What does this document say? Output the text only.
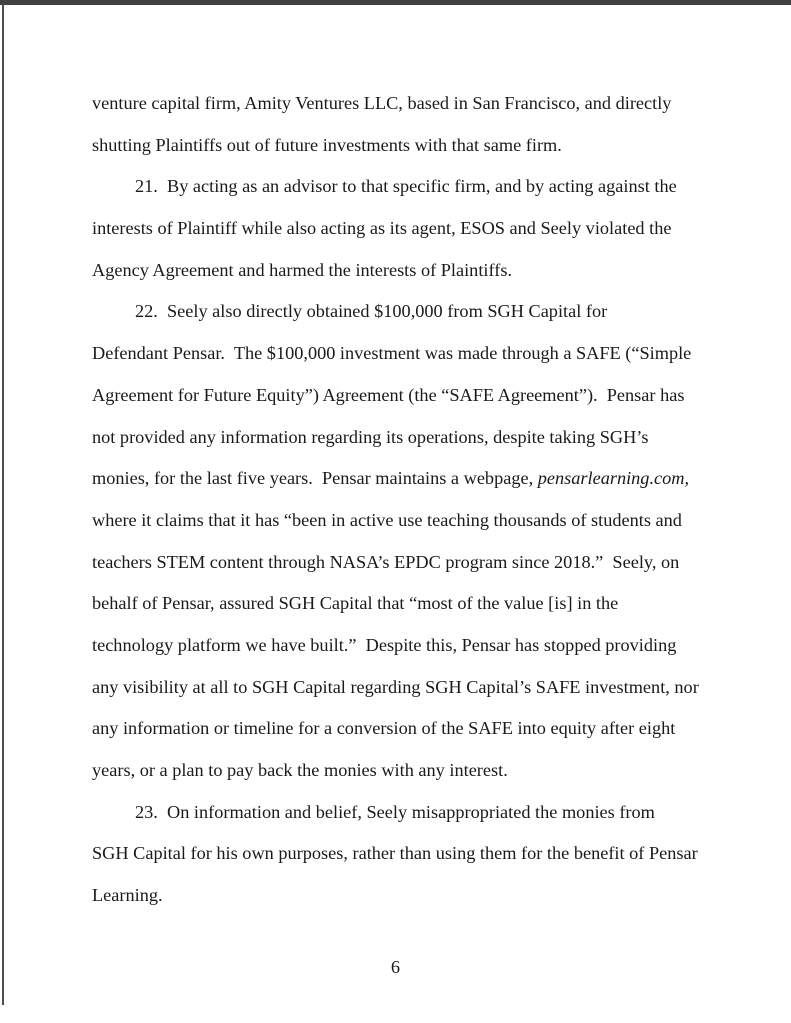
venture capital firm, Amity Ventures LLC, based in San Francisco, and directly
shutting Plaintiffs out of future investments with that same firm.
21. By acting as an advisor to that specific firm, and by acting against the
interests of Plaintiff while also acting as its agent, ESOS and Seely violated the
Agency Agreement and harmed the interests of Plaintiffs.
22. Seely also directly obtained $100,000 from SGH Capital for
Defendant Pensar.  The $100,000 investment was made through a SAFE (“Simple
Agreement for Future Equity”) Agreement (the “SAFE Agreement”).  Pensar has
not provided any information regarding its operations, despite taking SGH’s
monies, for the last five years.  Pensar maintains a webpage, pensarlearning.com,
where it claims that it has “been in active use teaching thousands of students and
teachers STEM content through NASA’s EPDC program since 2018.”  Seely, on
behalf of Pensar, assured SGH Capital that “most of the value [is] in the
technology platform we have built.”  Despite this, Pensar has stopped providing
any visibility at all to SGH Capital regarding SGH Capital’s SAFE investment, nor
any information or timeline for a conversion of the SAFE into equity after eight
years, or a plan to pay back the monies with any interest.
23. On information and belief, Seely misappropriated the monies from
SGH Capital for his own purposes, rather than using them for the benefit of Pensar
Learning.
6
